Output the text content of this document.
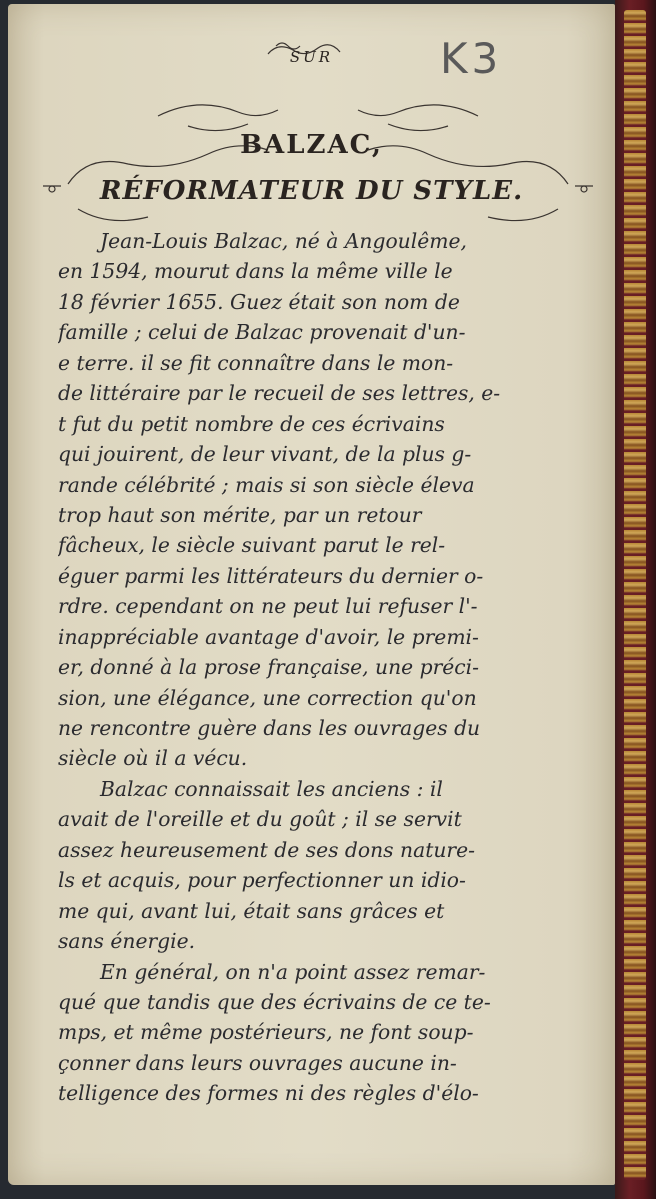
K3
SUR
BALZAC,
RÉFORMATEUR DU STYLE.
Jean-Louis Balzac, né à Angoulême,
en 1594, mourut dans la même ville le
18 février 1655. Guez était son nom de
famille ; celui de Balzac provenait d'un-
e terre. il se fit connaître dans le mon-
de littéraire par le recueil de ses lettres, e-
t fut du petit nombre de ces écrivains
qui jouirent, de leur vivant, de la plus g-
rande célébrité ; mais si son siècle éleva
trop haut son mérite, par un retour
fâcheux, le siècle suivant parut le rel-
éguer parmi les littérateurs du dernier o-
rdre. cependant on ne peut lui refuser l'-
inappréciable avantage d'avoir, le premi-
er, donné à la prose française, une préci-
sion, une élégance, une correction qu'on
ne rencontre guère dans les ouvrages du
siècle où il a vécu.
Balzac connaissait les anciens : il
avait de l'oreille et du goût ; il se servit
assez heureusement de ses dons nature-
ls et acquis, pour perfectionner un idio-
me qui, avant lui, était sans grâces et
sans énergie.
En général, on n'a point assez remar-
qué que tandis que des écrivains de ce te-
mps, et même postérieurs, ne font soup-
çonner dans leurs ouvrages aucune in-
telligence des formes ni des règles d'élo-
